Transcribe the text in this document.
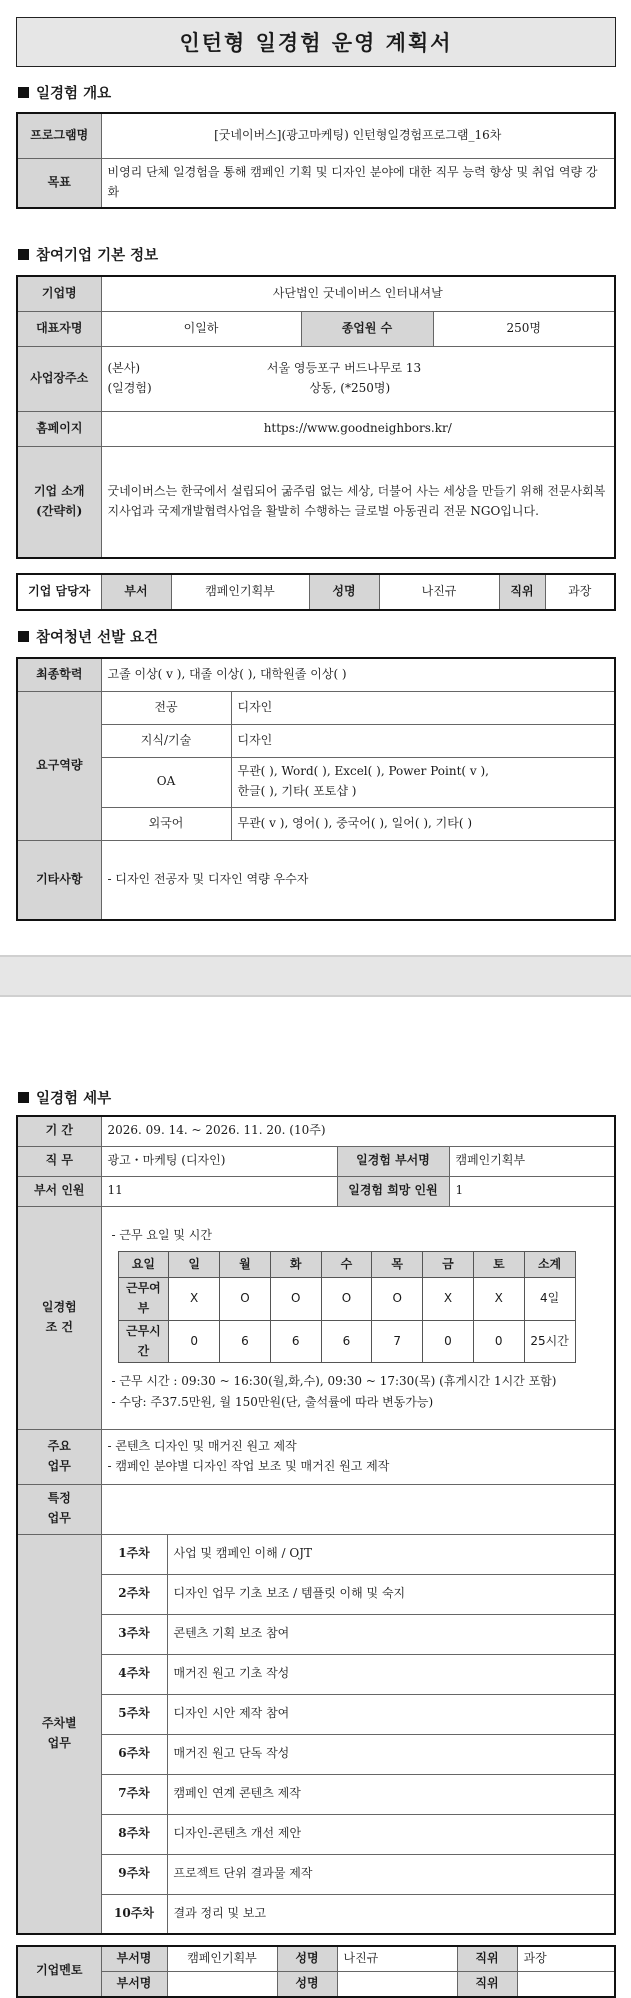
인턴형 일경험 운영 계획서
일경험 개요
프로그램명	[굿네이버스](광고마케팅) 인턴형일경험프로그램_16차
목표	비영리 단체 일경험을 통해 캠페인 기획 및 디자인 분야에 대한 직무 능력 향상 및 취업 역량 강화
참여기업 기본 정보
기업명	사단법인 굿네이버스 인터내셔날		
대표자명	이일하	종업원 수	250명
사업장주소	(본사) 서울 영등포구 버드나무로 13
(일경험) 상동, (*250명)		

홈페이지	https://www.goodneighbors.kr/		
기업 소개
(간략히)	굿네이버스는 한국에서 설립되어 굶주림 없는 세상, 더불어 사는 세상을 만들기 위해 전문사회복지사업과 국제개발협력사업을 활발히 수행하는 글로벌 아동권리 전문 NGO입니다.		
기업 담당자	부서	캠페인기획부	성명	나진규	직위	과장
참여청년 선발 요건
최종학력	고졸 이상( v ), 대졸 이상( ), 대학원졸 이상( )	
요구역량	전공	디자인
	지식/기술	디자인
	OA	무관( ), Word( ), Excel( ), Power Point( v ),
한글( ), 기타( 포토샵 )

	외국어	무관( v ), 영어( ), 중국어( ), 일어( ), 기타( )
기타사항	- 디자인 전공자 및 디자인 역량 우수자	
일경험 세부
기 간	2026. 09. 14. ~ 2026. 11. 20. (10주)
직 무	광고・마케팅 (디자인)	일경험 부서명	캠페인기획부
부서 인원	11	일경험 희망 인원	1
일경험
조 건	
- 근무 요일 및 시간
요일	일	월	화	수	목	금	토	소계
근무여부	X	O	O	O	O	X	X	4일
근무시간	0	6	6	6	7	0	0	25시간
- 근무 시간 : 09:30 ~ 16:30(월,화,수), 09:30 ~ 17:30(목) (휴게시간 1시간 포함)
- 수당: 주37.5만원, 월 150만원(단, 출석률에 따라 변동가능)

주요
업무	
- 콘텐츠 디자인 및 매거진 원고 제작
- 캠페인 분야별 디자인 작업 보조 및 매거진 원고 제작

특정
업무	
주차별
업무	1주차	사업 및 캠페인 이해 / OJT
2주차	디자인 업무 기초 보조 / 템플릿 이해 및 숙지
3주차	콘텐츠 기획 보조 참여
4주차	매거진 원고 기초 작성
5주차	디자인 시안 제작 참여
6주차	매거진 원고 단독 작성
7주차	캠페인 연계 콘텐츠 제작
8주차	디자인-콘텐츠 개선 제안
9주차	프로젝트 단위 결과물 제작
10주차	결과 정리 및 보고
기업멘토	부서명	캠페인기획부	성명	나진규	직위	과장
	부서명		성명		직위	
